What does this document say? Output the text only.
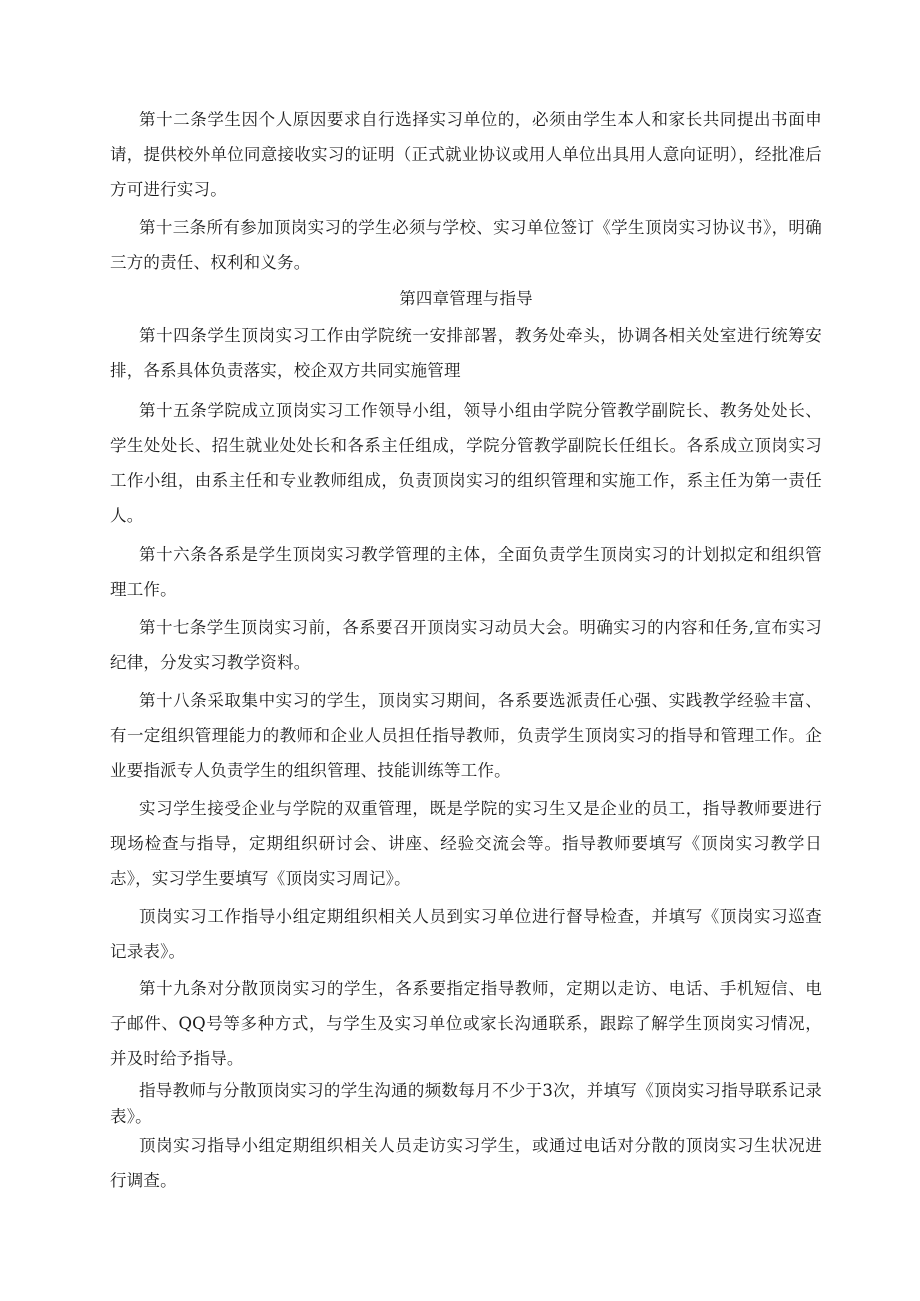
第十二条学生因个人原因要求自行选择实习单位的，必须由学生本人和家长共同提出书面申请，提供校外单位同意接收实习的证明（正式就业协议或用人单位出具用人意向证明），经批准后方可进行实习。

第十三条所有参加顶岗实习的学生必须与学校、实习单位签订《学生顶岗实习协议书》，明确三方的责任、权利和义务。

第四章管理与指导

第十四条学生顶岗实习工作由学院统一安排部署，教务处牵头，协调各相关处室进行统筹安排，各系具体负责落实，校企双方共同实施管理

第十五条学院成立顶岗实习工作领导小组，领导小组由学院分管教学副院长、教务处处长、学生处处长、招生就业处处长和各系主任组成，学院分管教学副院长任组长。各系成立顶岗实习工作小组，由系主任和专业教师组成，负责顶岗实习的组织管理和实施工作，系主任为第一责任人。

第十六条各系是学生顶岗实习教学管理的主体，全面负责学生顶岗实习的计划拟定和组织管理工作。

第十七条学生顶岗实习前，各系要召开顶岗实习动员大会。明确实习的内容和任务,宣布实习纪律，分发实习教学资料。

第十八条采取集中实习的学生，顶岗实习期间，各系要选派责任心强、实践教学经验丰富、有一定组织管理能力的教师和企业人员担任指导教师，负责学生顶岗实习的指导和管理工作。企业要指派专人负责学生的组织管理、技能训练等工作。

实习学生接受企业与学院的双重管理，既是学院的实习生又是企业的员工，指导教师要进行现场检查与指导，定期组织研讨会、讲座、经验交流会等。指导教师要填写《顶岗实习教学日志》，实习学生要填写《顶岗实习周记》。

顶岗实习工作指导小组定期组织相关人员到实习单位进行督导检查，并填写《顶岗实习巡查记录表》。

第十九条对分散顶岗实习的学生，各系要指定指导教师，定期以走访、电话、手机短信、电子邮件、QQ号等多种方式，与学生及实习单位或家长沟通联系，跟踪了解学生顶岗实习情况，并及时给予指导。

指导教师与分散顶岗实习的学生沟通的频数每月不少于3次，并填写《顶岗实习指导联系记录表》。

顶岗实习指导小组定期组织相关人员走访实习学生，或通过电话对分散的顶岗实习生状况进行调查。
